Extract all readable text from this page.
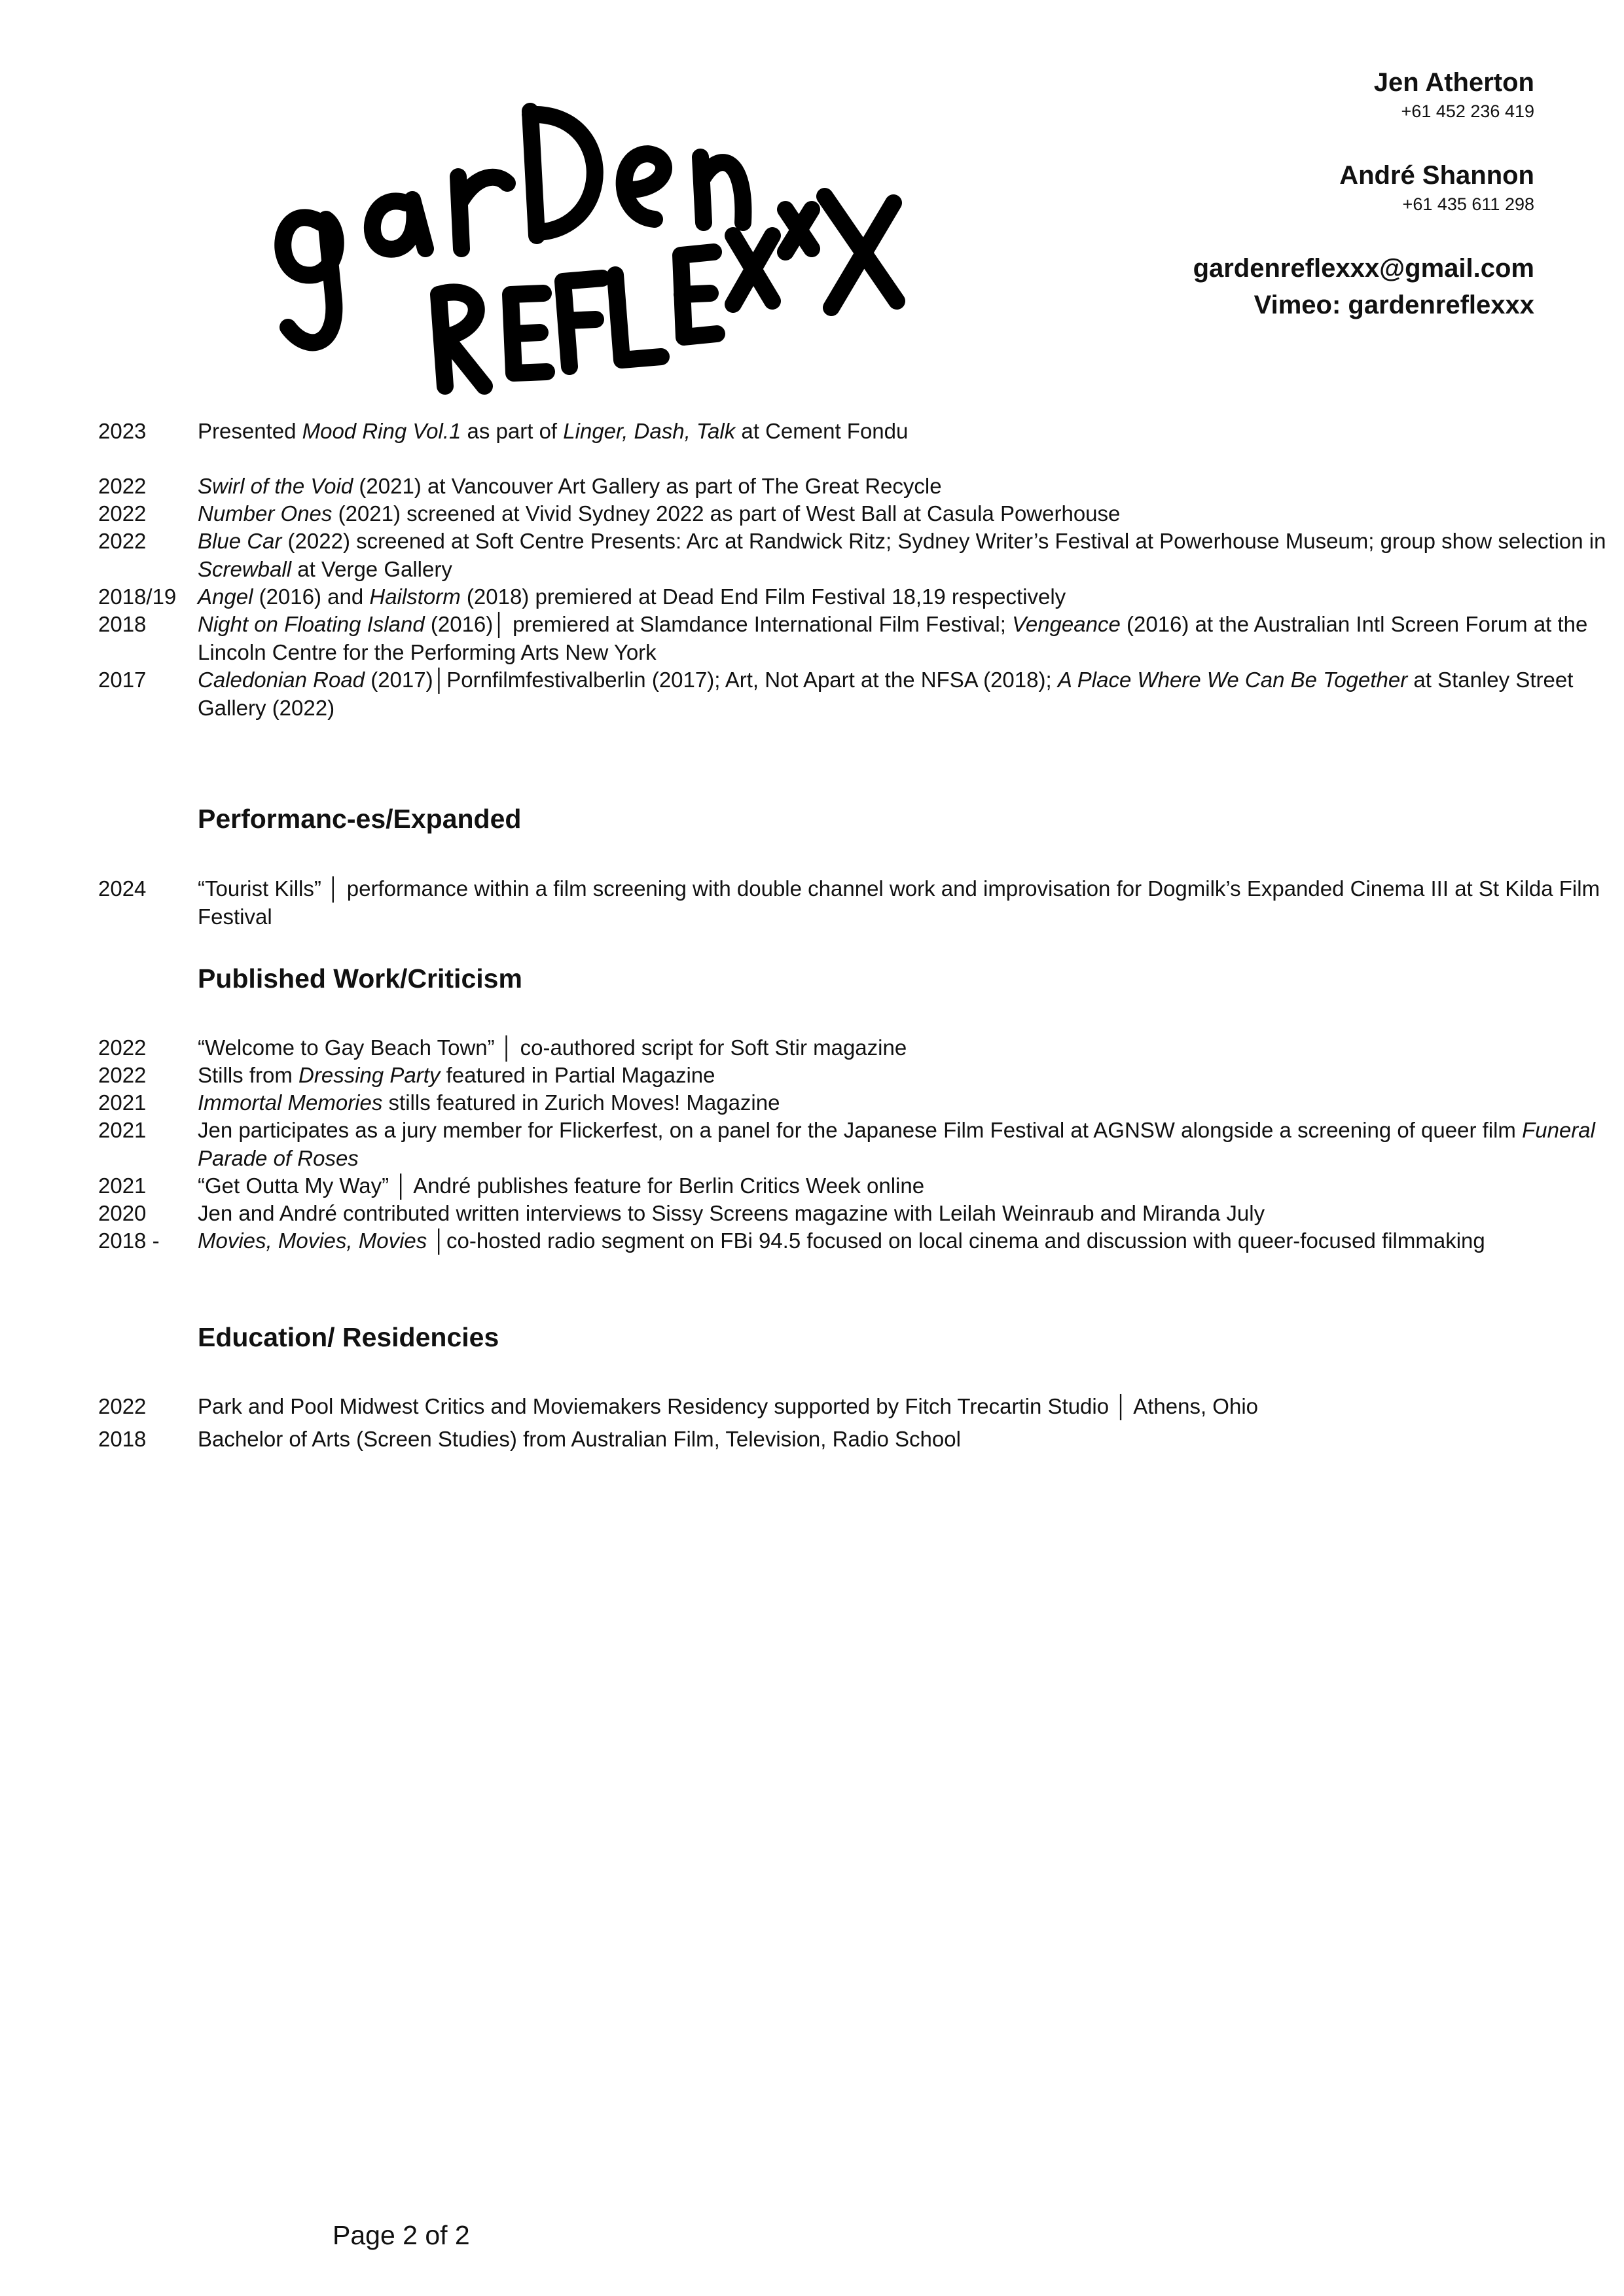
Jen Atherton
+61 452 236 419
André Shannon
+61 435 611 298
gardenreflexxx@gmail.com
Vimeo: gardenreflexxx
2023	Presented Mood Ring Vol.1 as part of Linger, Dash, Talk at Cement Fondu
2022	Swirl of the Void (2021) at Vancouver Art Gallery as part of The Great Recycle
2022	Number Ones (2021) screened at Vivid Sydney 2022 as part of West Ball at Casula Powerhouse
2022	Blue Car (2022) screened at Soft Centre Presents: Arc at Randwick Ritz; Sydney Writer’s Festival at Powerhouse Museum; group show selection in Screwball at Verge Gallery
2018/19 Angel (2016) and Hailstorm (2018) premiered at Dead End Film Festival 18,19 respectively
2018	Night on Floating Island (2016)│ premiered at Slamdance International Film Festival; Vengeance (2016) at the Australian Intl Screen Forum at the Lincoln Centre for the Performing Arts New York
2017	Caledonian Road (2017)│Pornfilmfestivalberlin (2017); Art, Not Apart at the NFSA (2018); A Place Where We Can Be Together at Stanley Street Gallery (2022)
Performanc-es/Expanded
2024	“Tourist Kills” │ performance within a film screening with double channel work and improvisation for Dogmilk’s Expanded Cinema III at St Kilda Film Festival
Published Work/Criticism
2022	“Welcome to Gay Beach Town” │ co-authored script for Soft Stir magazine
2022	Stills from Dressing Party featured in Partial Magazine
2021	Immortal Memories stills featured in Zurich Moves! Magazine
2021	Jen participates as a jury member for Flickerfest, on a panel for the Japanese Film Festival at AGNSW alongside a screening of queer film Funeral Parade of Roses
2021	“Get Outta My Way” │ André publishes feature for Berlin Critics Week online
2020	Jen and André contributed written interviews to Sissy Screens magazine with Leilah Weinraub and Miranda July
2018 -	Movies, Movies, Movies │co-hosted radio segment on FBi 94.5 focused on local cinema and discussion with queer-focused filmmaking
Education/ Residencies
2022	Park and Pool Midwest Critics and Moviemakers Residency supported by Fitch Trecartin Studio │ Athens, Ohio
2018	Bachelor of Arts (Screen Studies) from Australian Film, Television, Radio School
Page 2 of 2
